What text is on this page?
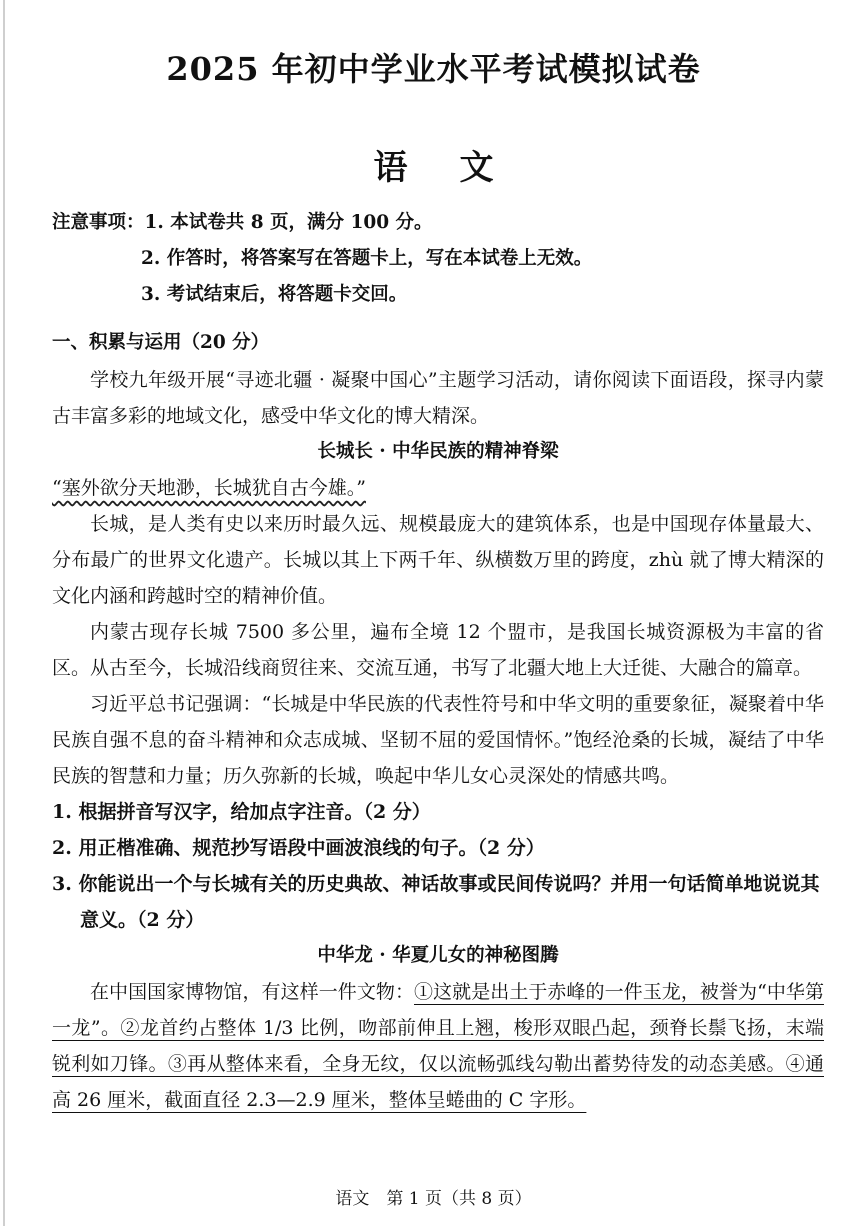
2025 年初中学业水平考试模拟试卷
语文
注意事项：1. 本试卷共 8 页，满分 100 分。
2. 作答时，将答案写在答题卡上，写在本试卷上无效。
3. 考试结束后，将答题卡交回。
一、积累与运用（20 分）
学校九年级开展“寻迹北疆 · 凝聚中国心”主题学习活动，请你阅读下面语段，探寻内蒙古丰富多彩的地域文化，感受中华文化的博大精深。
长城长 · 中华民族的精神脊梁
“塞外欲分天地渺，长城犹自古今雄。”
长城，是人类有史以来历时最久远、规模最庞大的建筑体系，也是中国现存体量最大、分布最广的世界文化遗产。长城以其上下两千年、纵横数万里的跨度，zhù 就了博大精深的文化内涵和跨越时空的精神价值。
内蒙古现存长城 7500 多公里，遍布全境 12 个盟市，是我国长城资源极为丰富的省区。从古至今，长城沿线商贸往来、交流互通，书写了北疆大地上大迁徙、大融合的篇章。
习近平总书记强调：“长城是中华民族的代表性符号和中华文明的重要象征，凝聚着中华民族自强不息的奋斗精神和众志成城、坚韧不屈的爱国情怀。”饱经沧桑的长城，凝结了中华民族的智慧和力量；历久弥新的长城，唤起中华儿女心灵深处的情感共鸣。
1. 根据拼音写汉字，给加点字注音。（2 分）
2. 用正楷准确、规范抄写语段中画波浪线的句子。（2 分）
3. 你能说出一个与长城有关的历史典故、神话故事或民间传说吗？并用一句话简单地说说其
意义。（2 分）
中华龙 · 华夏儿女的神秘图腾
在中国国家博物馆，有这样一件文物：①这就是出土于赤峰的一件玉龙，被誉为“中华第一龙”。②龙首约占整体 1/3 比例，吻部前伸且上翘，梭形双眼凸起，颈脊长鬃飞扬，末端锐利如刀锋。③再从整体来看，全身无纹，仅以流畅弧线勾勒出蓄势待发的动态美感。④通高 26 厘米，截面直径 2.3—2.9 厘米，整体呈蜷曲的 C 字形。
语文　第 1 页（共 8 页）
